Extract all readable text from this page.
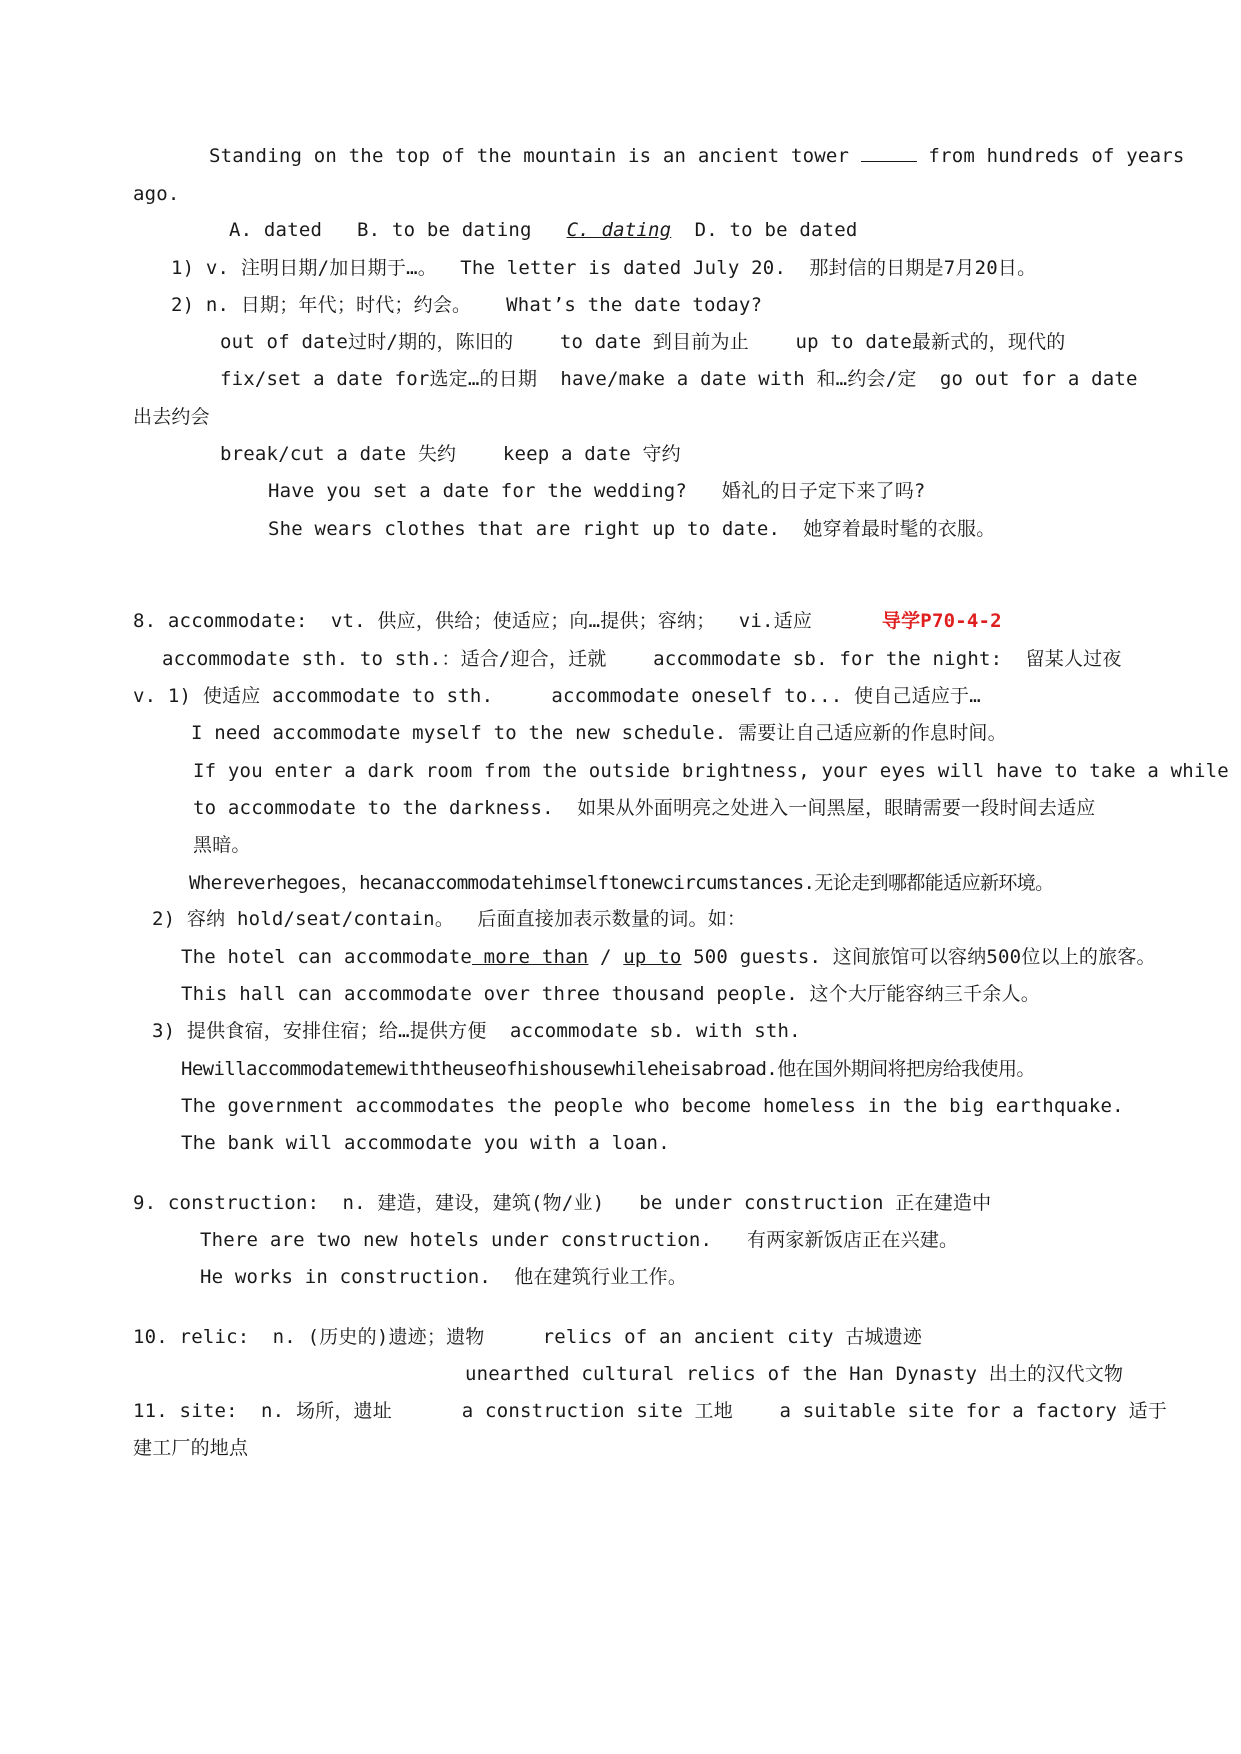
Standing on the top of the mountain is an ancient tower	from hundreds of years
ago.
A. dated B. to be dating C. dating D. to be dated
1) v. 注明日期/加日期于…。  The letter is dated July 20.  那封信的日期是7月20日。
2) n. 日期；年代；时代；约会。   What’s the date today?
out of date过时/期的，陈旧的    to date 到目前为止    up to date最新式的，现代的
fix/set a date for选定…的日期  have/make a date with 和…约会/定  go out for a date
出去约会
break/cut a date 失约    keep a date 守约
Have you set a date for the wedding?   婚礼的日子定下来了吗?
She wears clothes that are right up to date.  她穿着最时髦的衣服。
8. accommodate:  vt. 供应，供给；使适应；向…提供；容纳；  vi.适应	导学P70-4-2
accommodate sth. to sth.：适合/迎合，迁就    accommodate sb. for the night:  留某人过夜
v. 1) 使适应 accommodate to sth.     accommodate oneself to... 使自己适应于…
I need accommodate myself to the new schedule. 需要让自己适应新的作息时间。
If you enter a dark room from the outside brightness, your eyes will have to take a while
to accommodate to the darkness.  如果从外面明亮之处进入一间黑屋，眼睛需要一段时间去适应
黑暗。
Whereverhegoes，hecanaccommodatehimselftonewcircumstances.无论走到哪都能适应新环境。
2) 容纳 hold/seat/contain。  后面直接加表示数量的词。如：
The hotel can accommodate more than / up to 500 guests. 这间旅馆可以容纳500位以上的旅客。
This hall can accommodate over three thousand people. 这个大厅能容纳三千余人。
3) 提供食宿，安排住宿；给…提供方便  accommodate sb. with sth.
Hewillaccommodatemewiththeuseofhishousewhileheisabroad.他在国外期间将把房给我使用。
The government accommodates the people who become homeless in the big earthquake.
The bank will accommodate you with a loan.
9. construction:  n. 建造，建设，建筑(物/业)   be under construction 正在建造中
There are two new hotels under construction.   有两家新饭店正在兴建。
He works in construction.  他在建筑行业工作。
10. relic:  n. (历史的)遗迹；遗物     relics of an ancient city 古城遗迹
unearthed cultural relics of the Han Dynasty 出土的汉代文物
11. site:  n. 场所，遗址      a construction site 工地    a suitable site for a factory 适于
建工厂的地点
